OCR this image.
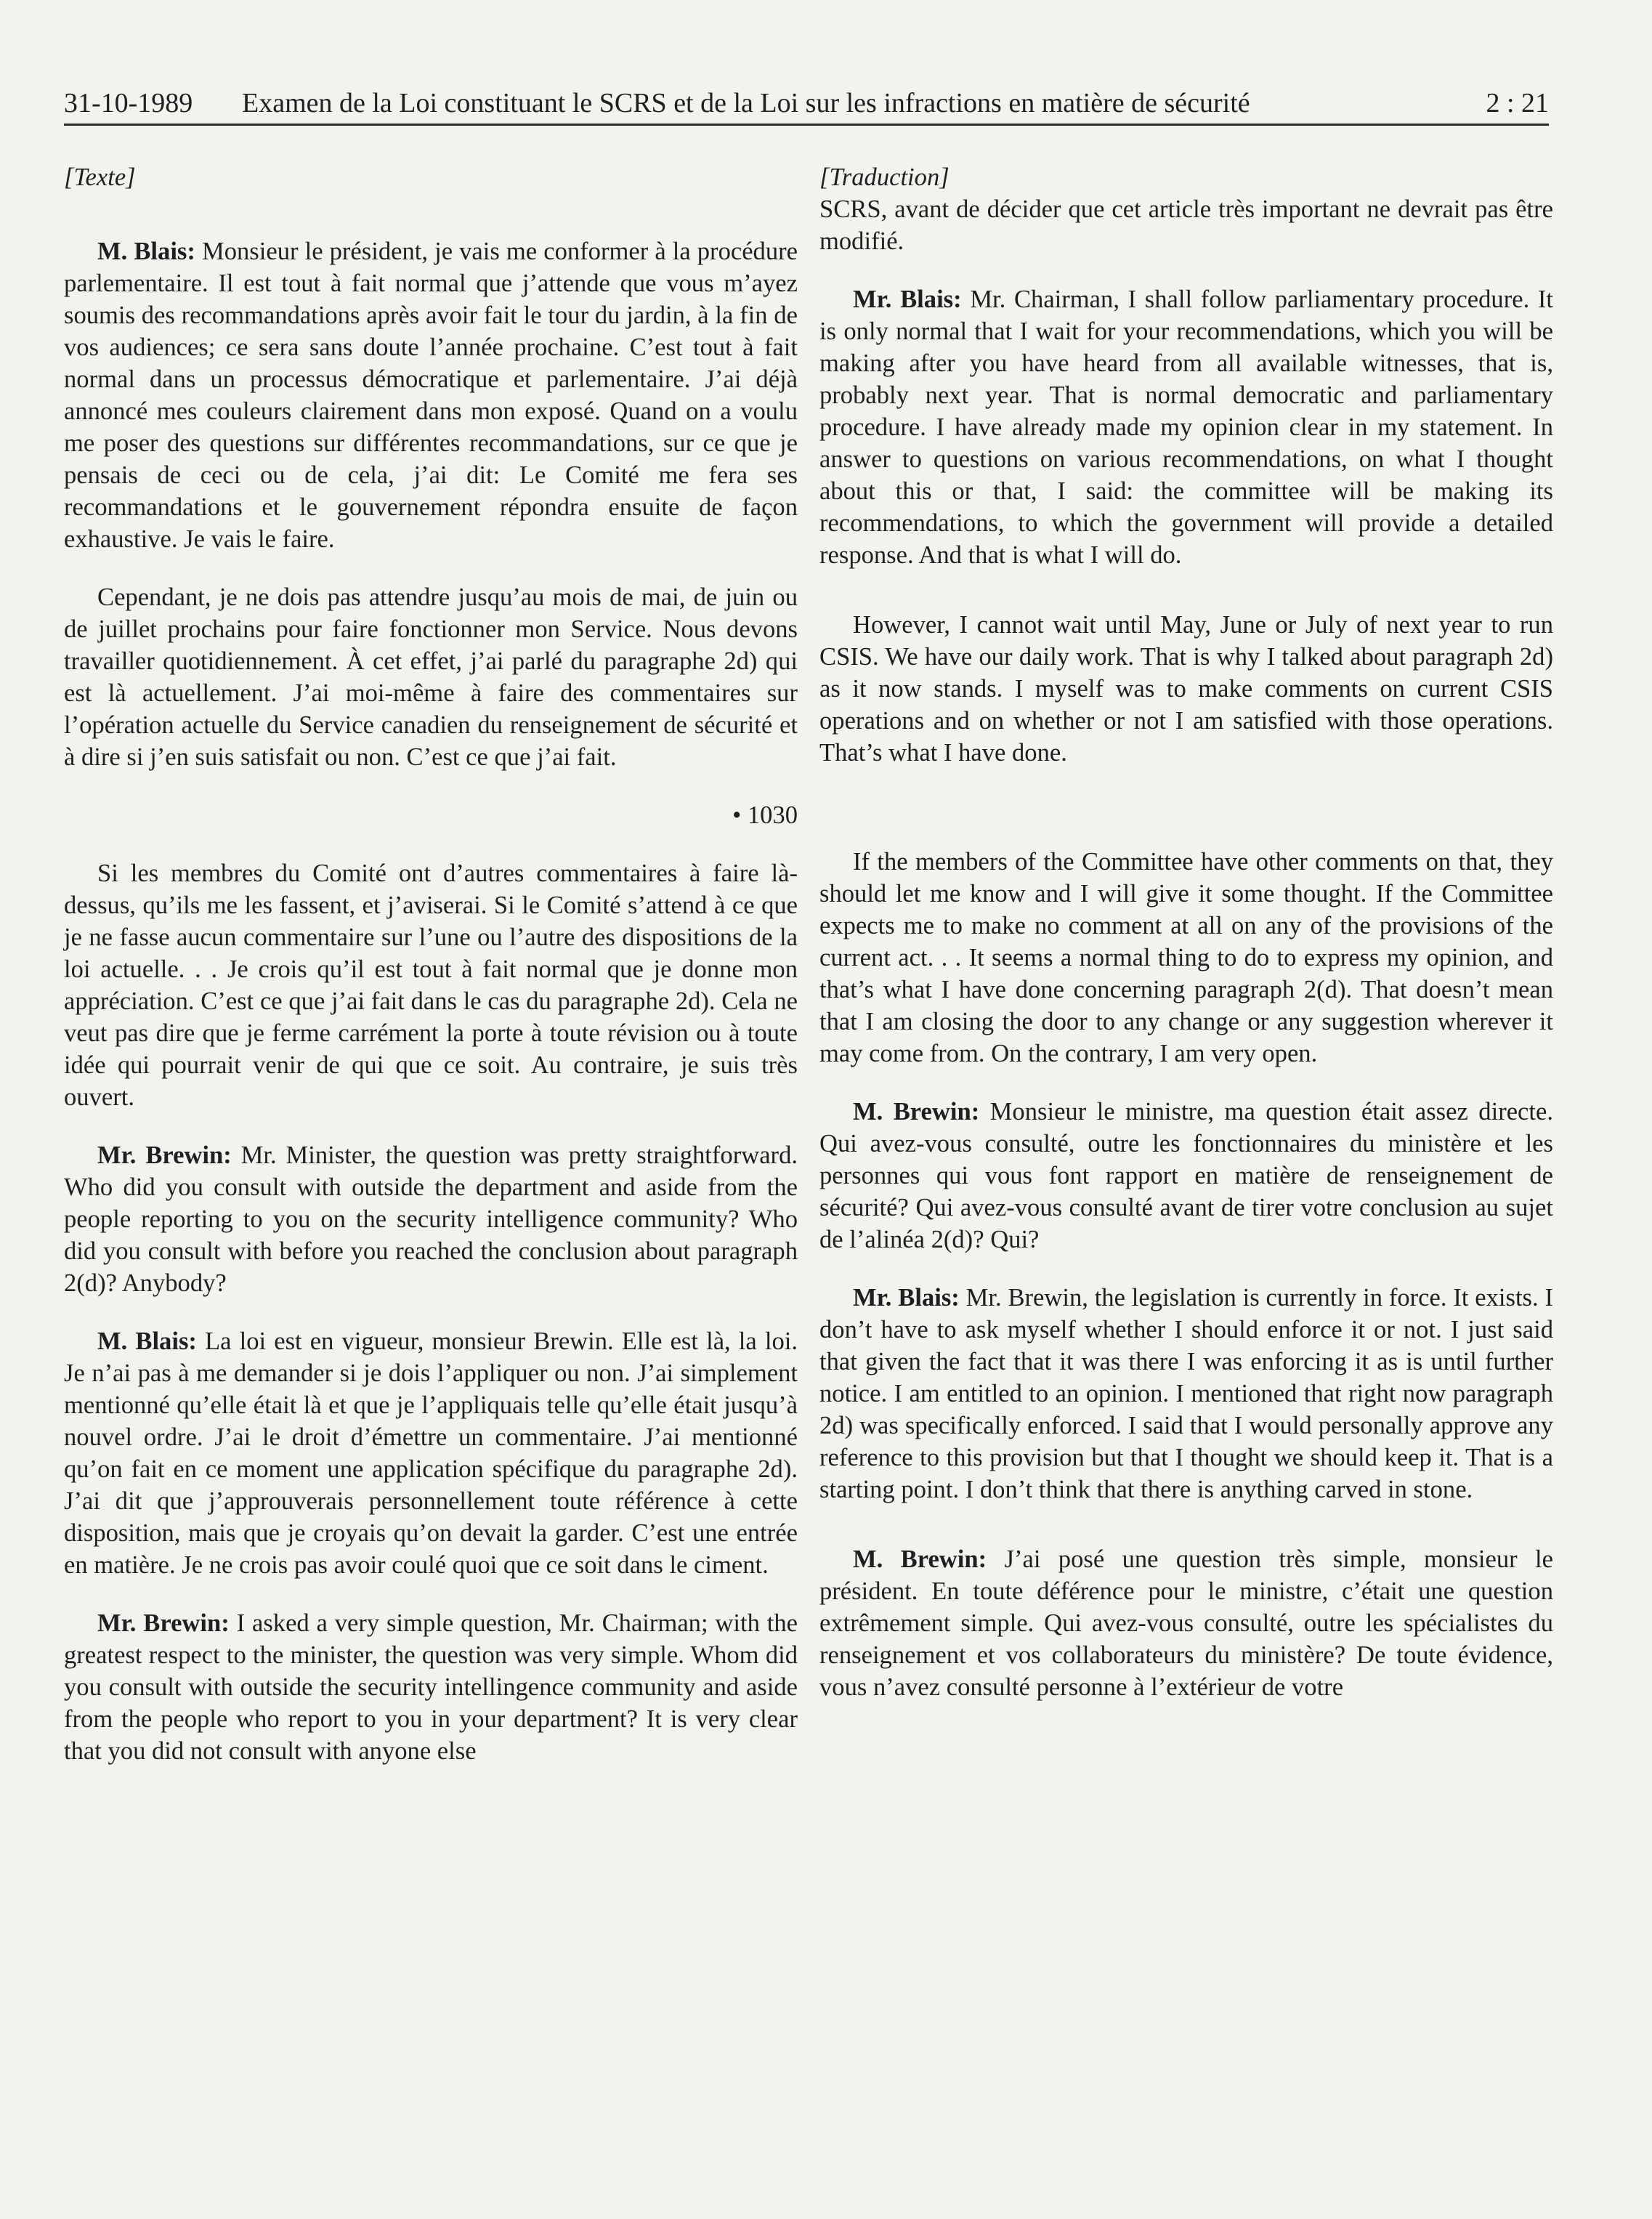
31-10-1989 Examen de la Loi constituant le SCRS et de la Loi sur les infractions en matière de sécurité	2 : 21
[Texte]

M. Blais: Monsieur le président, je vais me conformer à la procédure parlementaire. Il est tout à fait normal que j’attende que vous m’ayez soumis des recommandations après avoir fait le tour du jardin, à la fin de vos audiences; ce sera sans doute l’année prochaine. C’est tout à fait normal dans un processus démocratique et parlementaire. J’ai déjà annoncé mes couleurs clairement dans mon exposé. Quand on a voulu me poser des questions sur différentes recommandations, sur ce que je pensais de ceci ou de cela, j’ai dit: Le Comité me fera ses recommandations et le gouvernement répondra ensuite de façon exhaustive. Je vais le faire.

Cependant, je ne dois pas attendre jusqu’au mois de mai, de juin ou de juillet prochains pour faire fonctionner mon Service. Nous devons travailler quotidiennement. À cet effet, j’ai parlé du paragraphe 2d) qui est là actuellement. J’ai moi-même à faire des commentaires sur l’opération actuelle du Service canadien du renseignement de sécurité et à dire si j’en suis satisfait ou non. C’est ce que j’ai fait.

• 1030

Si les membres du Comité ont d’autres commentaires à faire là-dessus, qu’ils me les fassent, et j’aviserai. Si le Comité s’attend à ce que je ne fasse aucun commentaire sur l’une ou l’autre des dispositions de la loi actuelle. . . Je crois qu’il est tout à fait normal que je donne mon appréciation. C’est ce que j’ai fait dans le cas du paragraphe 2d). Cela ne veut pas dire que je ferme carrément la porte à toute révision ou à toute idée qui pourrait venir de qui que ce soit. Au contraire, je suis très ouvert.

Mr. Brewin: Mr. Minister, the question was pretty straightforward. Who did you consult with outside the department and aside from the people reporting to you on the security intelligence community? Who did you consult with before you reached the conclusion about paragraph 2(d)? Anybody?

M. Blais: La loi est en vigueur, monsieur Brewin. Elle est là, la loi. Je n’ai pas à me demander si je dois l’appliquer ou non. J’ai simplement mentionné qu’elle était là et que je l’appliquais telle qu’elle était jusqu’à nouvel ordre. J’ai le droit d’émettre un commentaire. J’ai mentionné qu’on fait en ce moment une application spécifique du paragraphe 2d). J’ai dit que j’approuverais personnellement toute référence à cette disposition, mais que je croyais qu’on devait la garder. C’est une entrée en matière. Je ne crois pas avoir coulé quoi que ce soit dans le ciment.

Mr. Brewin: I asked a very simple question, Mr. Chairman; with the greatest respect to the minister, the question was very simple. Whom did you consult with outside the security intellingence community and aside from the people who report to you in your department? It is very clear that you did not consult with anyone else

[Traduction]

SCRS, avant de décider que cet article très important ne devrait pas être modifié.

Mr. Blais: Mr. Chairman, I shall follow parliamentary procedure. It is only normal that I wait for your recommendations, which you will be making after you have heard from all available witnesses, that is, probably next year. That is normal democratic and parliamentary procedure. I have already made my opinion clear in my statement. In answer to questions on various recommendations, on what I thought about this or that, I said: the committee will be making its recommendations, to which the government will provide a detailed response. And that is what I will do.

However, I cannot wait until May, June or July of next year to run CSIS. We have our daily work. That is why I talked about paragraph 2d) as it now stands. I myself was to make comments on current CSIS operations and on whether or not I am satisfied with those operations. That’s what I have done.

If the members of the Committee have other comments on that, they should let me know and I will give it some thought. If the Committee expects me to make no comment at all on any of the provisions of the current act. . . It seems a normal thing to do to express my opinion, and that’s what I have done concerning paragraph 2(d). That doesn’t mean that I am closing the door to any change or any suggestion wherever it may come from. On the contrary, I am very open.

M. Brewin: Monsieur le ministre, ma question était assez directe. Qui avez-vous consulté, outre les fonctionnaires du ministère et les personnes qui vous font rapport en matière de renseignement de sécurité? Qui avez-vous consulté avant de tirer votre conclusion au sujet de l’alinéa 2(d)? Qui?

Mr. Blais: Mr. Brewin, the legislation is currently in force. It exists. I don’t have to ask myself whether I should enforce it or not. I just said that given the fact that it was there I was enforcing it as is until further notice. I am entitled to an opinion. I mentioned that right now paragraph 2d) was specifically enforced. I said that I would personally approve any reference to this provision but that I thought we should keep it. That is a starting point. I don’t think that there is anything carved in stone.

M. Brewin: J’ai posé une question très simple, monsieur le président. En toute déférence pour le ministre, c’était une question extrêmement simple. Qui avez-vous consulté, outre les spécialistes du renseignement et vos collaborateurs du ministère? De toute évidence, vous n’avez consulté personne à l’extérieur de votre
